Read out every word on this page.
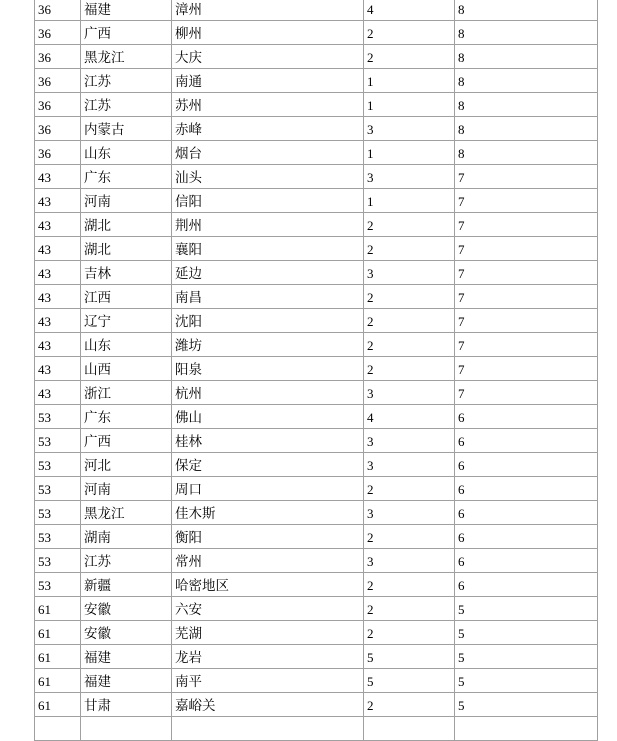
36	福建	漳州	4	8
36	广西	柳州	2	8
36	黑龙江	大庆	2	8
36	江苏	南通	1	8
36	江苏	苏州	1	8
36	内蒙古	赤峰	3	8
36	山东	烟台	1	8
43	广东	汕头	3	7
43	河南	信阳	1	7
43	湖北	荆州	2	7
43	湖北	襄阳	2	7
43	吉林	延边	3	7
43	江西	南昌	2	7
43	辽宁	沈阳	2	7
43	山东	潍坊	2	7
43	山西	阳泉	2	7
43	浙江	杭州	3	7
53	广东	佛山	4	6
53	广西	桂林	3	6
53	河北	保定	3	6
53	河南	周口	2	6
53	黑龙江	佳木斯	3	6
53	湖南	衡阳	2	6
53	江苏	常州	3	6
53	新疆	哈密地区	2	6
61	安徽	六安	2	5
61	安徽	芜湖	2	5
61	福建	龙岩	5	5
61	福建	南平	5	5
61	甘肃	嘉峪关	2	5
